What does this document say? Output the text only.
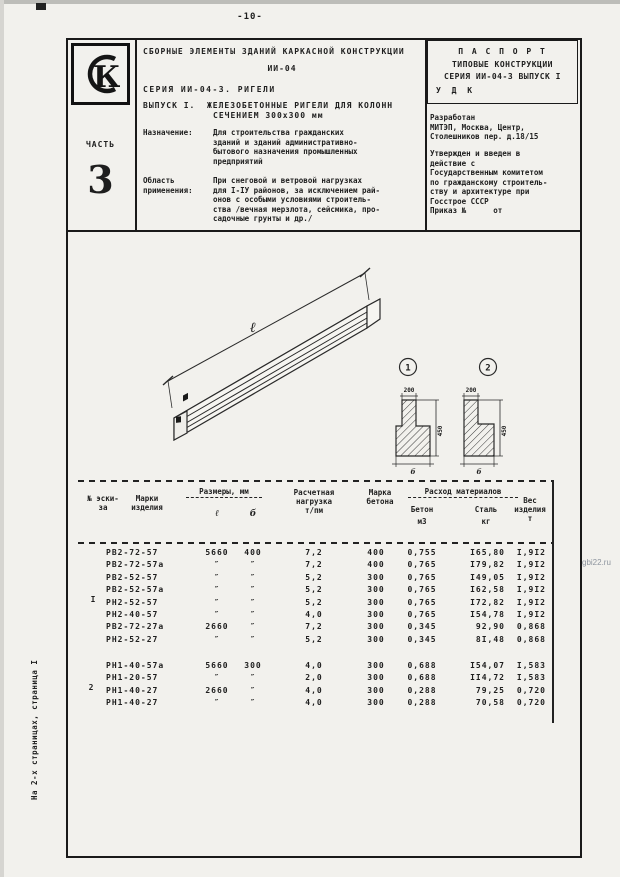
-10-
К
ЧАСТЬ
3
СБОРНЫЕ ЭЛЕМЕНТЫ ЗДАНИЙ КАРКАСНОЙ КОНСТРУКЦИИ
ИИ-04
СЕРИЯ ИИ-04-3. РИГЕЛИ
ВЫПУСК I.  ЖЕЛЕЗОБЕТОННЫЕ РИГЕЛИ ДЛЯ КОЛОНН
СЕЧЕНИЕМ 300х300 мм
Назначение:	Для строительства гражданских
зданий и зданий административно-
бытового назначения промышленных
предприятий
Область
применения:
При снеговой и ветровой нагрузках
для I-IУ районов, за исключением рай-
онов с особыми условиями строитель-
ства /вечная мерзлота, сейсмика, про-
садочные грунты и др./
П А С П О Р Т
ТИПОВЫЕ КОНСТРУКЦИИ
СЕРИЯ ИИ-04-3 ВЫПУСК I
У Д К
Разработан
МИТЭП, Москва, Центр,
Столешников пер. д.18/15
Утвержден и введен в
действие с
Государственным комитетом
по гражданскому строитель-
ству и архитектуре при
Госстрое СССР
Приказ №      от
ℓ
1
200
450
б
2
200
450
б
№ эски-
за
Марки
изделия
Размеры, мм
ℓ	б
Расчетная
нагрузка
т/пм
Марка
бетона
Расход материалов
Бетон
м3
Сталь
кг
Вес
изделия
т
I
2
РВ2-72-57	5660	400	7,2	400	0,755	I65,80	I,9I2
РВ2-72-57а	″	″	7,2	400	0,765	I79,82	I,9I2
РВ2-52-57	″	″	5,2	300	0,765	I49,05	I,9I2
РВ2-52-57а	″	″	5,2	300	0,765	I62,58	I,9I2
РН2-52-57	″	″	5,2	300	0,765	I72,82	I,9I2
РН2-40-57	″	″	4,0	300	0,765	I54,78	I,9I2
РВ2-72-27а	2660	″	7,2	300	0,345	92,90	0,868
РН2-52-27	″	″	5,2	300	0,345	8I,48	0,868
РН1-40-57а	5660	300	4,0	300	0,688	I54,07	I,583
РН1-20-57	″	″	2,0	300	0,688	II4,72	I,583
РН1-40-27	2660	″	4,0	300	0,288	79,25	0,720
РН1-40-27	″	″	4,0	300	0,288	70,58	0,720
На 2-х страницах, страница I
gbi22.ru
